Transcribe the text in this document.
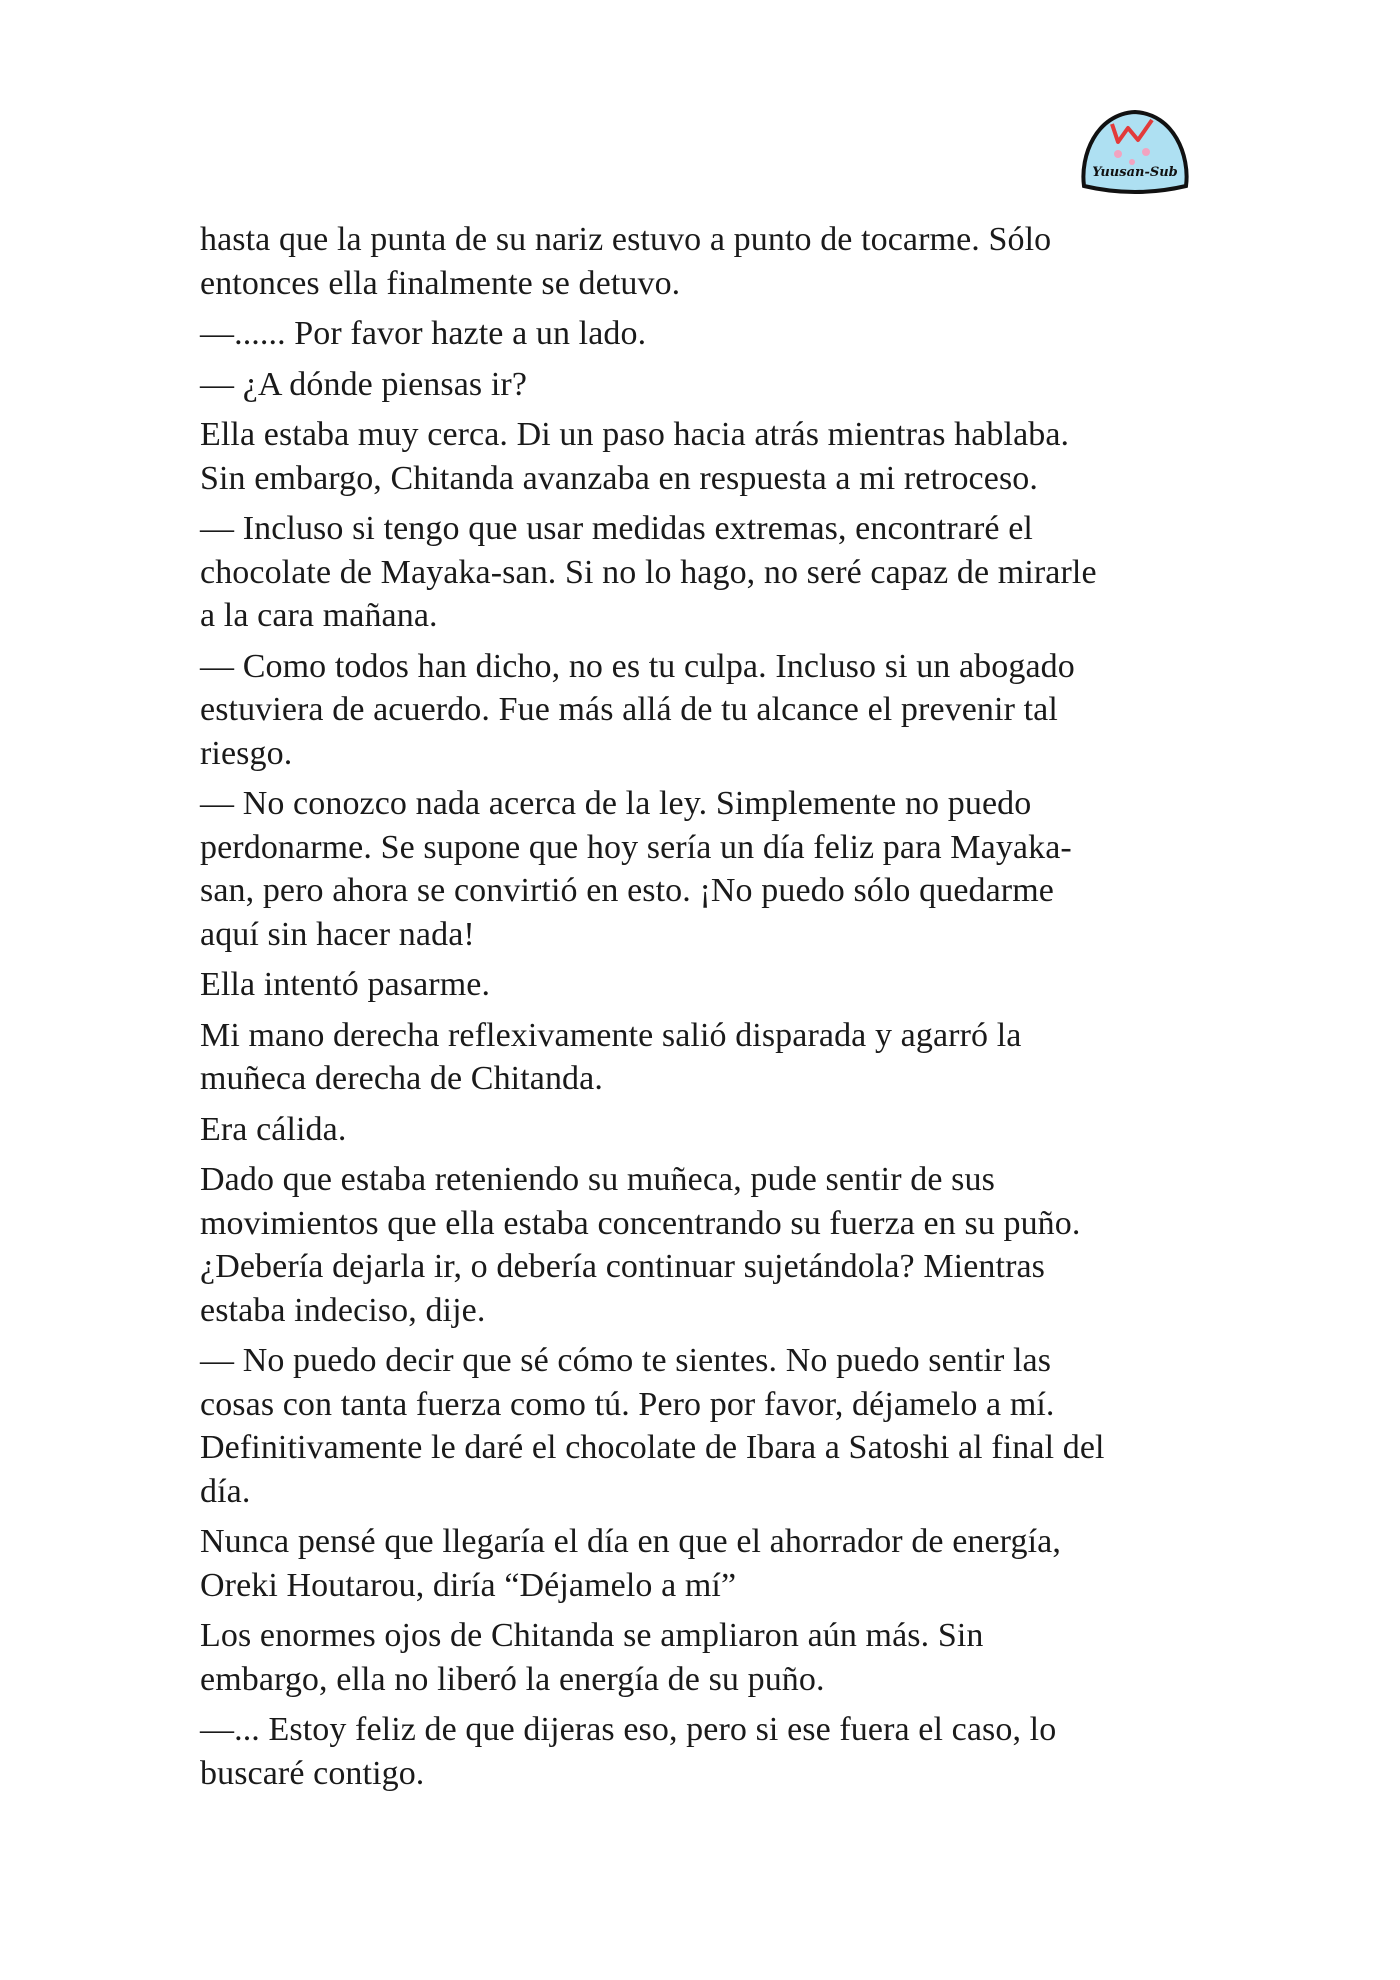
Yuusan-Sub

hasta que la punta de su nariz estuvo a punto de tocarme. Sólo
entonces ella finalmente se detuvo.

—...... Por favor hazte a un lado.

— ¿A dónde piensas ir?

Ella estaba muy cerca. Di un paso hacia atrás mientras hablaba.
Sin embargo, Chitanda avanzaba en respuesta a mi retroceso.

— Incluso si tengo que usar medidas extremas, encontraré el
chocolate de Mayaka-san. Si no lo hago, no seré capaz de mirarle
a la cara mañana.

— Como todos han dicho, no es tu culpa. Incluso si un abogado
estuviera de acuerdo. Fue más allá de tu alcance el prevenir tal
riesgo.

— No conozco nada acerca de la ley. Simplemente no puedo
perdonarme. Se supone que hoy sería un día feliz para Mayaka-
san, pero ahora se convirtió en esto. ¡No puedo sólo quedarme
aquí sin hacer nada!

Ella intentó pasarme.

Mi mano derecha reflexivamente salió disparada y agarró la
muñeca derecha de Chitanda.

Era cálida.

Dado que estaba reteniendo su muñeca, pude sentir de sus
movimientos que ella estaba concentrando su fuerza en su puño.
¿Debería dejarla ir, o debería continuar sujetándola? Mientras
estaba indeciso, dije.

— No puedo decir que sé cómo te sientes. No puedo sentir las
cosas con tanta fuerza como tú. Pero por favor, déjamelo a mí.
Definitivamente le daré el chocolate de Ibara a Satoshi al final del
día.

Nunca pensé que llegaría el día en que el ahorrador de energía,
Oreki Houtarou, diría “Déjamelo a mí”

Los enormes ojos de Chitanda se ampliaron aún más. Sin
embargo, ella no liberó la energía de su puño.

—... Estoy feliz de que dijeras eso, pero si ese fuera el caso, lo
buscaré contigo.
